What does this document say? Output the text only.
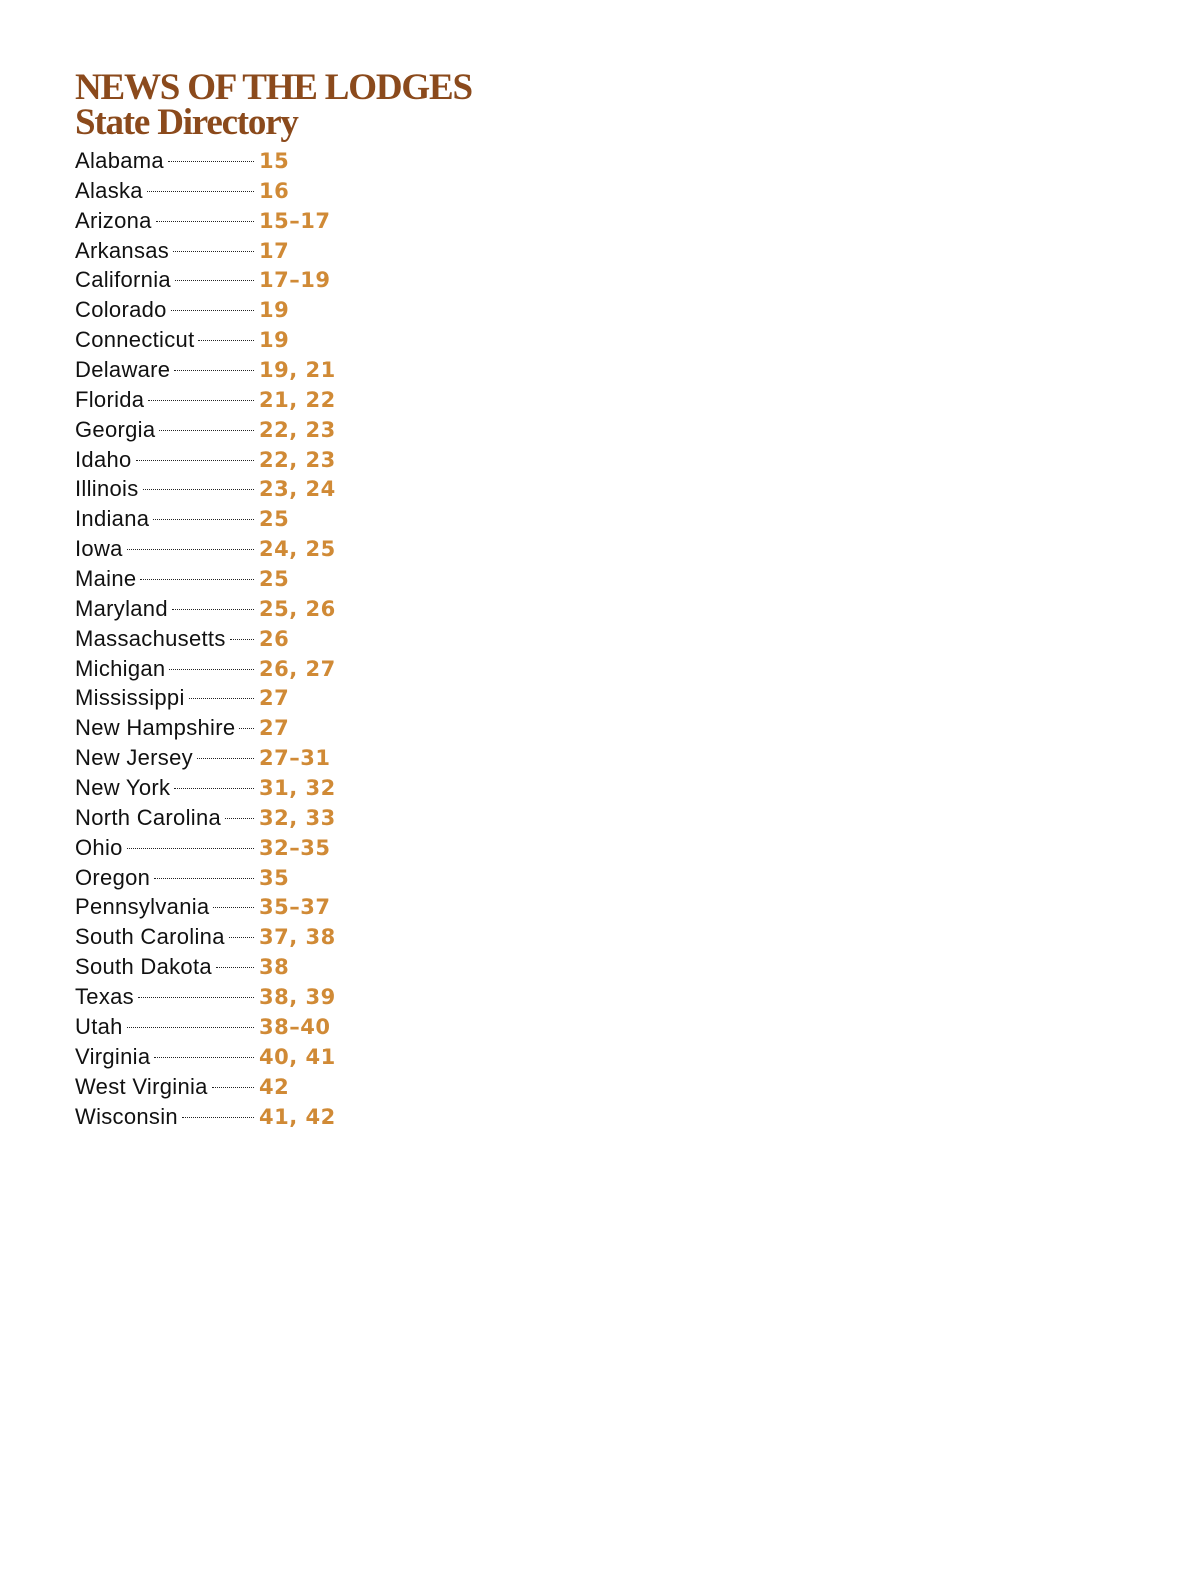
NEWS OF THE LODGES
State Directory
Alabama	15
Alaska	16
Arizona	15–17
Arkansas	17
California	17–19
Colorado	19
Connecticut	19
Delaware	19, 21
Florida	21, 22
Georgia	22, 23
Idaho	22, 23
Illinois	23, 24
Indiana	25
Iowa	24, 25
Maine	25
Maryland	25, 26
Massachusetts 26
Michigan	26, 27
Mississippi	27
New Hampshire 27
New Jersey	27–31
New York	31, 32
North Carolina 32, 33
Ohio	32–35
Oregon	35
Pennsylvania 35–37
South Carolina 37, 38
South Dakota 38
Texas	38, 39
Utah	38–40
Virginia	40, 41
West Virginia 42
Wisconsin	41, 42
